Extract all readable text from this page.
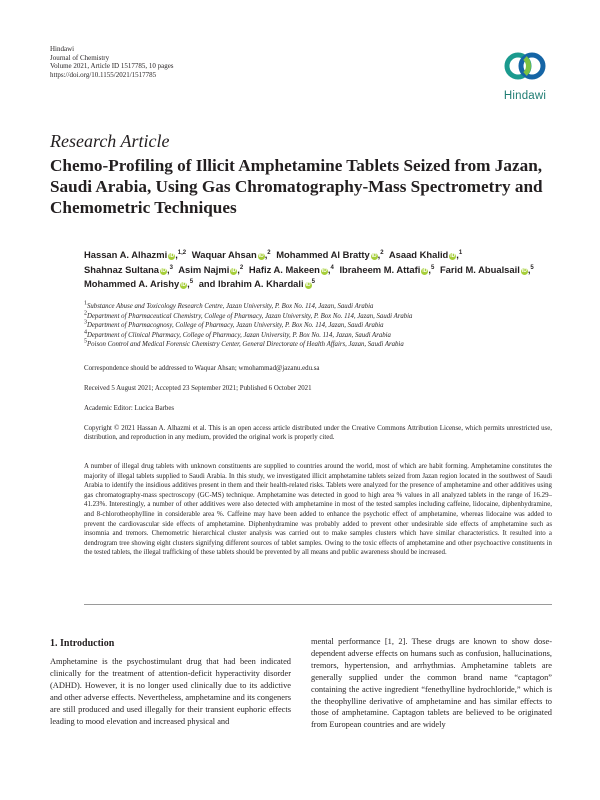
Hindawi
Journal of Chemistry
Volume 2021, Article ID 1517785, 10 pages
https://doi.org/10.1155/2021/1517785
Hindawi
Research Article
Chemo-Profiling of Illicit Amphetamine Tablets Seized from Jazan, Saudi Arabia, Using Gas Chromatography-Mass Spectrometry and Chemometric Techniques
Hassan A. Alhazmi iD,$^{1,2}$ Waquar Ahsan iD,$^2$ Mohammed Al Bratty iD,$^2$ Asaad Khalid iD,$^1$ Shahnaz Sultana iD,$^3$ Asim Najmi iD,$^2$ Hafiz A. Makeen iD,$^4$ Ibraheem M. Attafi iD,$^5$ Farid M. Abualsail iD,$^5$ Mohammed A. Arishy iD,$^5$ and Ibrahim A. Khardali $iD^5$
$^1$Substance Abuse and Toxicology Research Centre, Jazan University, P. Box No. 114, Jazan, Saudi Arabia
$^2$Department of Pharmaceutical Chemistry, College of Pharmacy, Jazan University, P. Box No. 114, Jazan, Saudi Arabia
$^3$Department of Pharmacognosy, College of Pharmacy, Jazan University, P. Box No. 114, Jazan, Saudi Arabia
$^4$Department of Clinical Pharmacy, College of Pharmacy, Jazan University, P. Box No. 114, Jazan, Saudi Arabia
$^5$Poison Control and Medical Forensic Chemistry Center, General Directorate of Health Affairs, Jazan, Saudi Arabia
Correspondence should be addressed to Waquar Ahsan; wmohammad@jazanu.edu.sa
Received 5 August 2021; Accepted 23 September 2021; Published 6 October 2021
Academic Editor: Lucica Barbes
Copyright © 2021 Hassan A. Alhazmi et al. This is an open access article distributed under the Creative Commons Attribution License, which permits unrestricted use, distribution, and reproduction in any medium, provided the original work is properly cited.
A number of illegal drug tablets with unknown constituents are supplied to countries around the world, most of which are habit forming. Amphetamine constitutes the majority of illegal tablets supplied to Saudi Arabia. In this study, we investigated illicit amphetamine tablets seized from Jazan region located in the southwest of Saudi Arabia to identify the insidious additives present in them and their health-related risks. Tablets were analyzed for the presence of amphetamine and other additives using gas chromatography-mass spectroscopy (GC-MS) technique. Amphetamine was detected in good to high area % values in all analyzed tablets in the range of 16.29–41.23%. Interestingly, a number of other additives were also detected with amphetamine in most of the tested samples including caffeine, lidocaine, diphenhydramine, and 8-chlorotheophylline in considerable area %. Caffeine may have been added to enhance the psychotic effect of amphetamine, whereas lidocaine was added to prevent the cardiovascular side effects of amphetamine. Diphenhydramine was probably added to prevent other undesirable side effects of amphetamine such as insomnia and tremors. Chemometric hierarchical cluster analysis was carried out to make samples clusters which have similar characteristics. It resulted into a dendrogram tree showing eight clusters signifying different sources of tablet samples. Owing to the toxic effects of amphetamine and other psychoactive constituents in the tested tablets, the illegal trafficking of these tablets should be prevented by all means and public awareness should be increased.
1. Introduction
Amphetamine is the psychostimulant drug that had been indicated clinically for the treatment of attention-deficit hyperactivity disorder (ADHD). However, it is no longer used clinically due to its addictive and other adverse effects. Nevertheless, amphetamine and its congeners are still produced and used illegally for their transient euphoric effects leading to mood elevation and increased physical and
mental performance [1, 2]. These drugs are known to show dose-dependent adverse effects on humans such as confusion, hallucinations, tremors, hypertension, and arrhythmias. Amphetamine tablets are generally supplied under the common brand name “captagon” containing the active ingredient “fenethylline hydrochloride,” which is the theophylline derivative of amphetamine and has similar effects to those of amphetamine. Captagon tablets are believed to be originated from European countries and are widely
